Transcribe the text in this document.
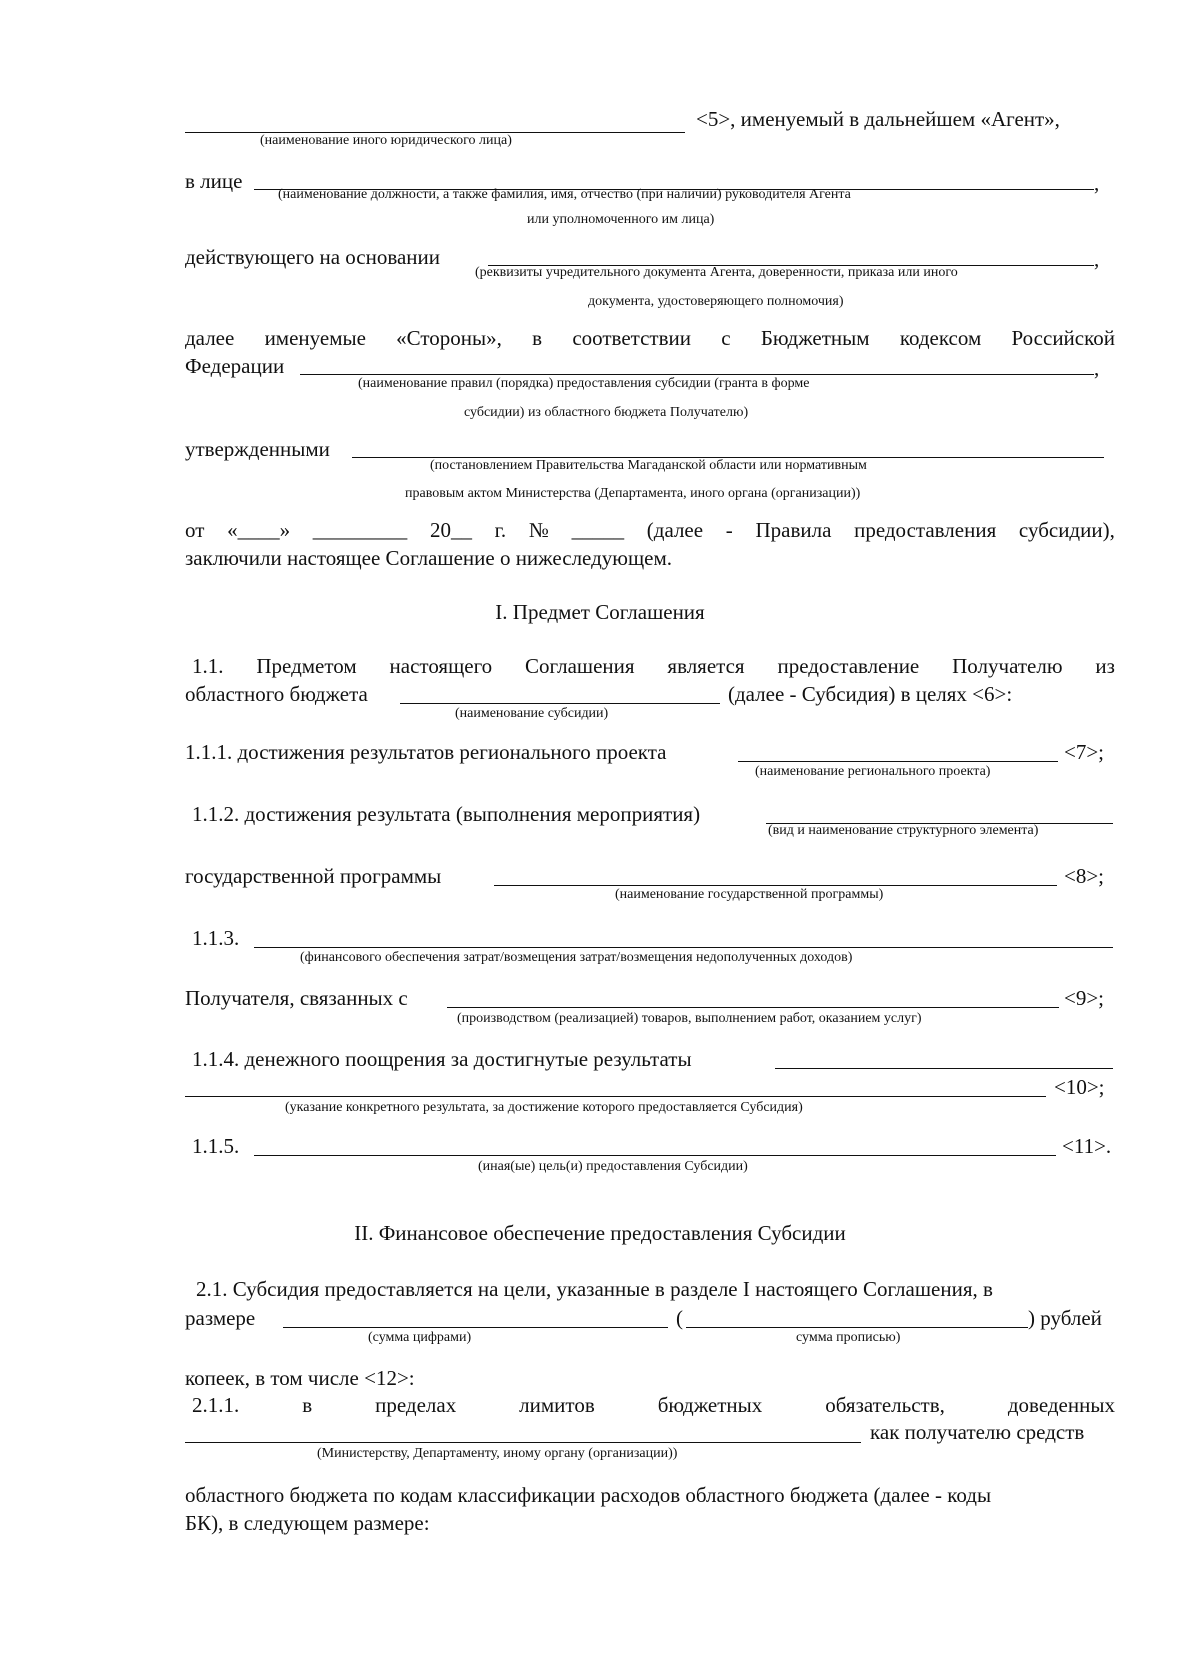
<5>, именуемый в дальнейшем «Агент»,
(наименование иного юридического лица)
в лице	,
(наименование должности, а также фамилия, имя, отчество (при наличии) руководителя Агента
или уполномоченного им лица)
действующего на основании	,
(реквизиты учредительного документа Агента, доверенности, приказа или иного
документа, удостоверяющего полномочия)
далее именуемые «Стороны», в соответствии с Бюджетным кодексом Российской
Федерации	,
(наименование правил (порядка) предоставления субсидии (гранта в форме
субсидии) из областного бюджета Получателю)
утвержденными
(постановлением Правительства Магаданской области или нормативным
правовым актом Министерства (Департамента, иного органа (организации))
от «____» _________ 20__ г. № _____ (далее - Правила предоставления субсидии),
заключили настоящее Соглашение о нижеследующем.
I. Предмет Соглашения
1.1. Предметом настоящего Соглашения является предоставление Получателю из
областного бюджета	(далее - Субсидия) в целях <6>:
(наименование субсидии)
1.1.1. достижения результатов регионального проекта	<7>;
(наименование регионального проекта)
1.1.2. достижения результата (выполнения мероприятия)
(вид и наименование структурного элемента)
государственной программы	<8>;
(наименование государственной программы)
1.1.3.
(финансового обеспечения затрат/возмещения затрат/возмещения недополученных доходов)
Получателя, связанных с	<9>;
(производством (реализацией) товаров, выполнением работ, оказанием услуг)
1.1.4. денежного поощрения за достигнутые результаты
<10>;
(указание конкретного результата, за достижение которого предоставляется Субсидия)
1.1.5.	<11>.
(иная(ые) цель(и) предоставления Субсидии)
II. Финансовое обеспечение предоставления Субсидии
2.1. Субсидия предоставляется на цели, указанные в разделе I настоящего Соглашения, в
размере	(	) рублей
(сумма цифрами)	сумма прописью)
копеек, в том числе <12>:
2.1.1.	в	пределах	лимитов	бюджетных	обязательств,	доведенных
как получателю средств
(Министерству, Департаменту, иному органу (организации))
областного бюджета по кодам классификации расходов областного бюджета (далее - коды
БК), в следующем размере:
